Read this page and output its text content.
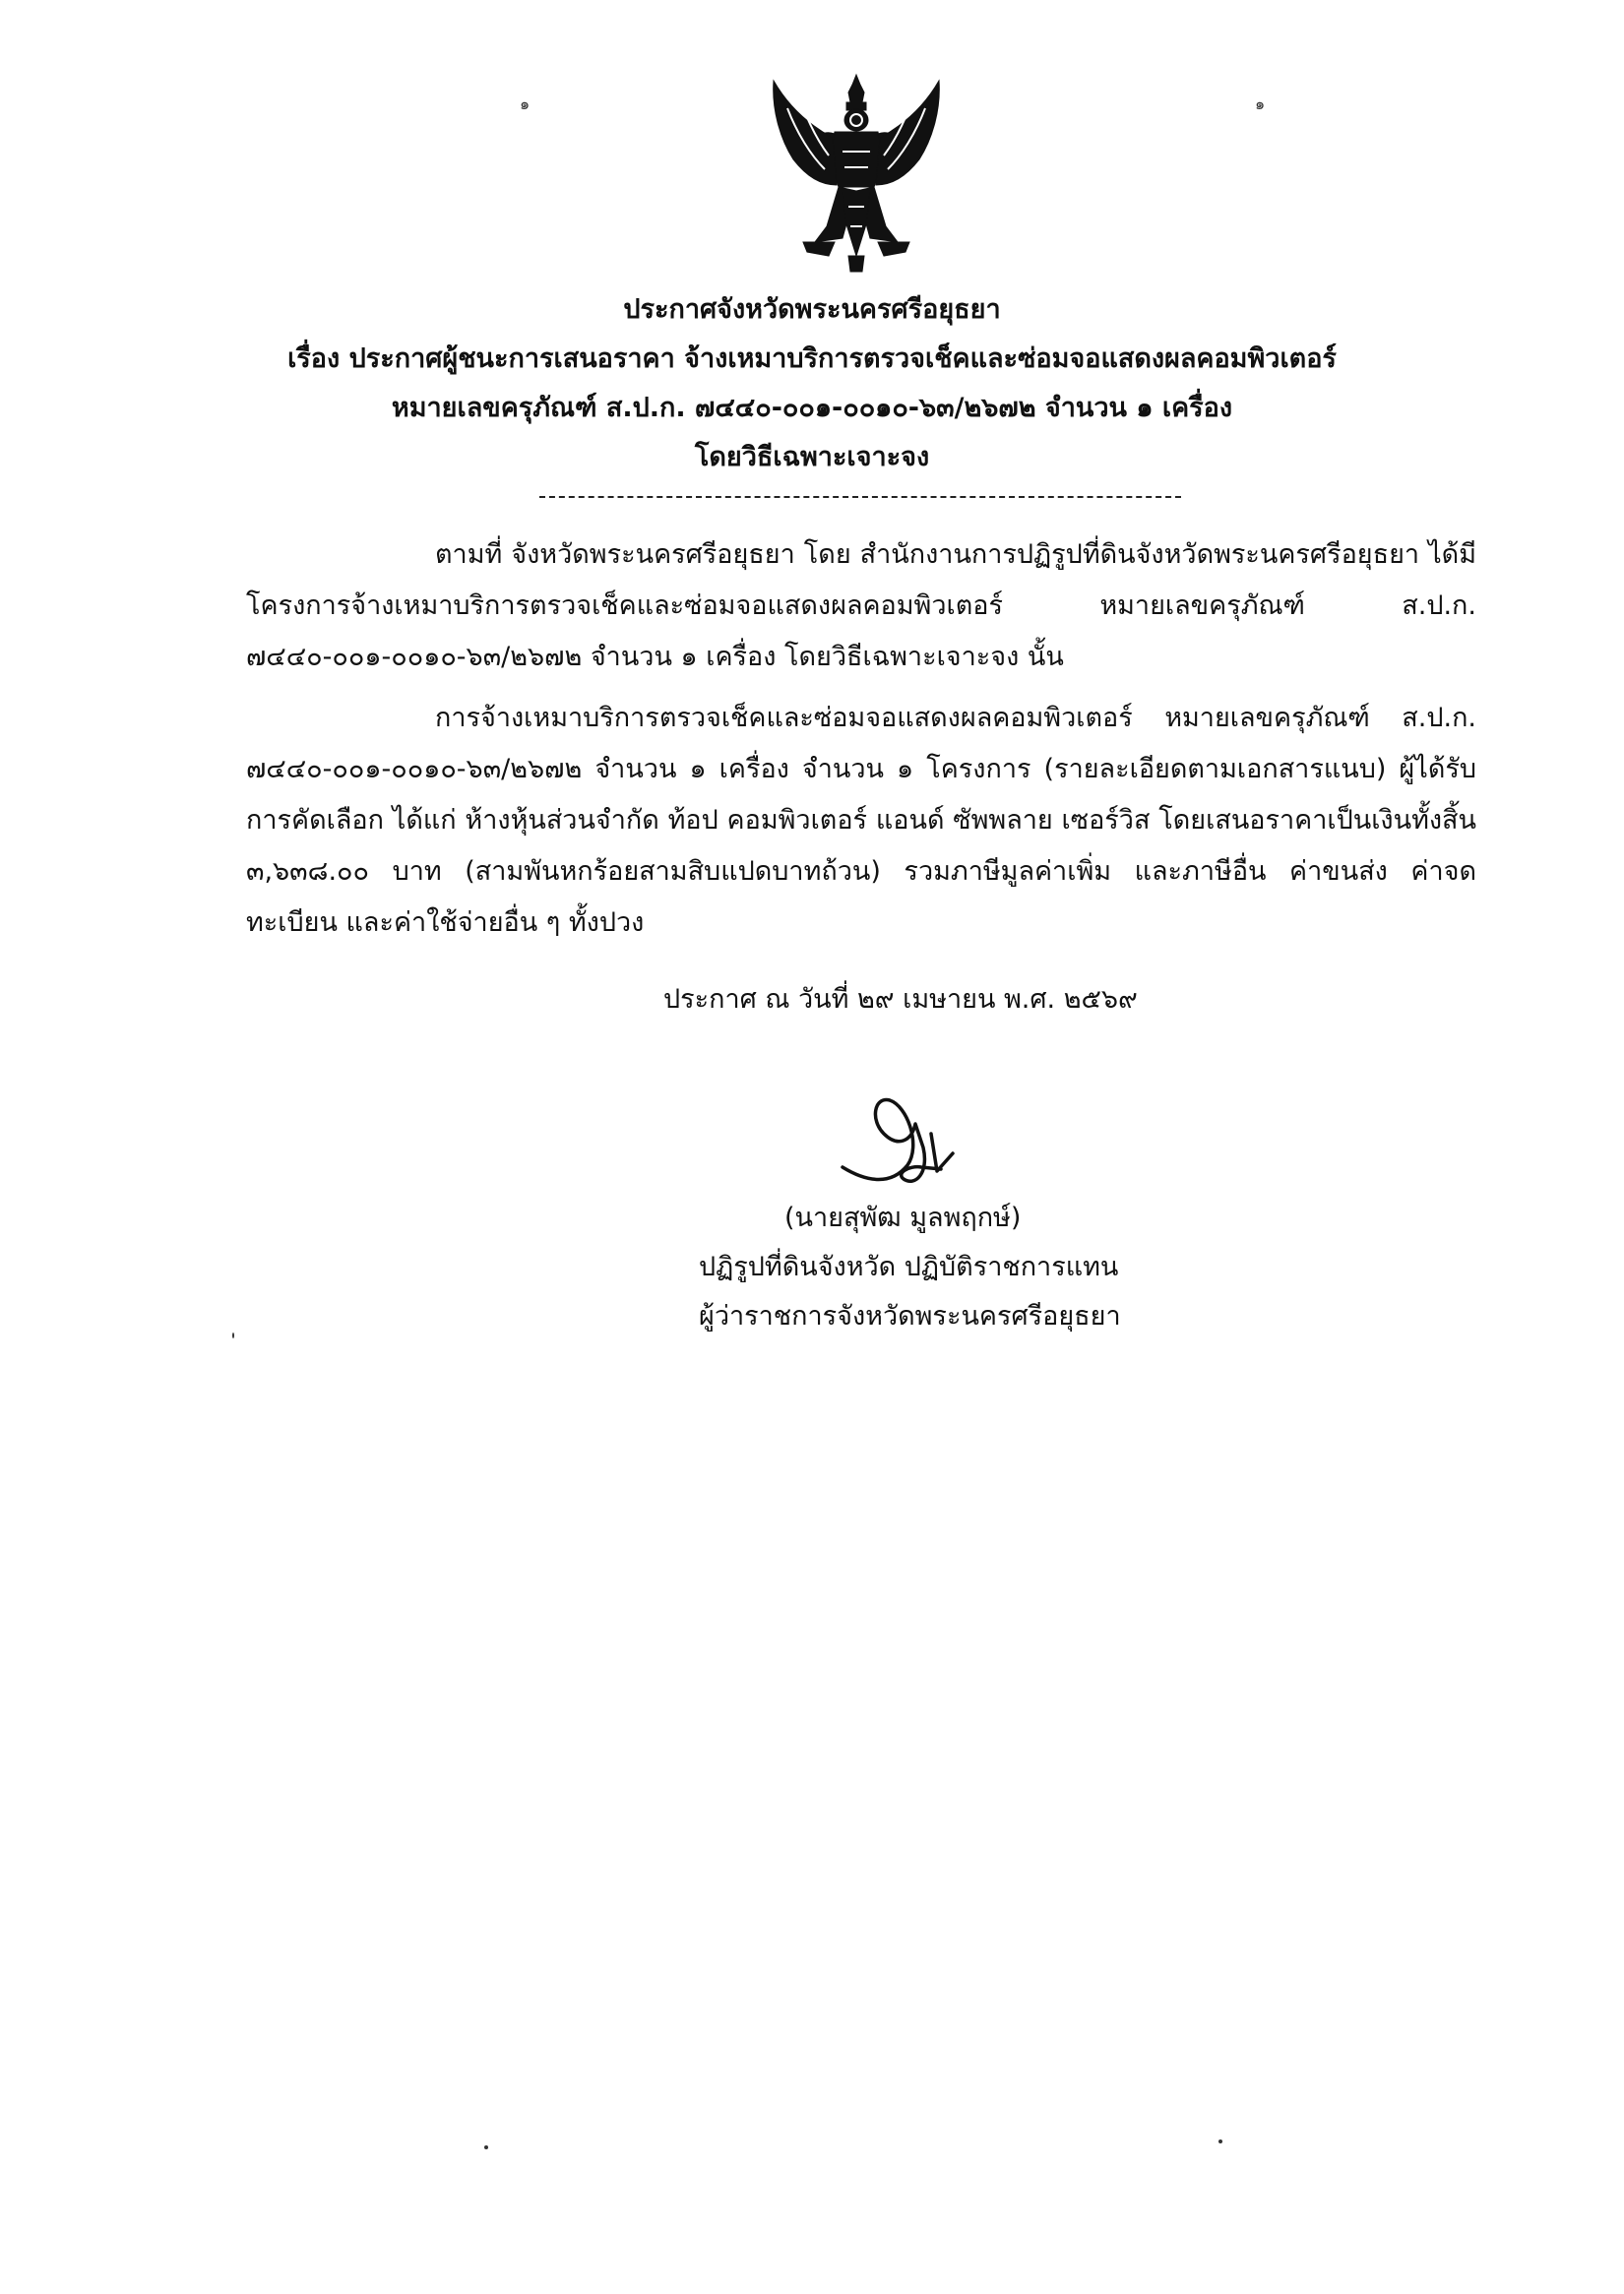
๑	๑
ประกาศจังหวัดพระนครศรีอยุธยา
เรื่อง ประกาศผู้ชนะการเสนอราคา จ้างเหมาบริการตรวจเช็คและซ่อมจอแสดงผลคอมพิวเตอร์
หมายเลขครุภัณฑ์ ส.ป.ก. ๗๔๔๐-๐๐๑-๐๐๑๐-๖๓/๒๖๗๒ จำนวน ๑ เครื่อง
โดยวิธีเฉพาะเจาะจง

ตามที่ จังหวัดพระนครศรีอยุธยา โดย สำนักงานการปฏิรูปที่ดินจังหวัดพระนครศรีอยุธยา ได้มีโครงการจ้างเหมาบริการตรวจเช็คและซ่อมจอแสดงผลคอมพิวเตอร์ หมายเลขครุภัณฑ์ ส.ป.ก. ๗๔๔๐-๐๐๑-๐๐๑๐-๖๓/๒๖๗๒ จำนวน ๑ เครื่อง โดยวิธีเฉพาะเจาะจง นั้น

การจ้างเหมาบริการตรวจเช็คและซ่อมจอแสดงผลคอมพิวเตอร์ หมายเลขครุภัณฑ์ ส.ป.ก. ๗๔๔๐-๐๐๑-๐๐๑๐-๖๓/๒๖๗๒ จำนวน ๑ เครื่อง จำนวน ๑ โครงการ (รายละเอียดตามเอกสารแนบ) ผู้ได้รับการคัดเลือก ได้แก่ ห้างหุ้นส่วนจำกัด ท้อป คอมพิวเตอร์ แอนด์ ซัพพลาย เซอร์วิส โดยเสนอราคาเป็นเงินทั้งสิ้น ๓,๖๓๘.๐๐ บาท (สามพันหกร้อยสามสิบแปดบาทถ้วน) รวมภาษีมูลค่าเพิ่ม และภาษีอื่น ค่าขนส่ง ค่าจดทะเบียน และค่าใช้จ่ายอื่น ๆ ทั้งปวง

ประกาศ ณ วันที่ ๒๙ เมษายน พ.ศ. ๒๕๖๙
(นายสุพัฒ มูลพฤกษ์)
ปฏิรูปที่ดินจังหวัด ปฏิบัติราชการแทน
ผู้ว่าราชการจังหวัดพระนครศรีอยุธยา
